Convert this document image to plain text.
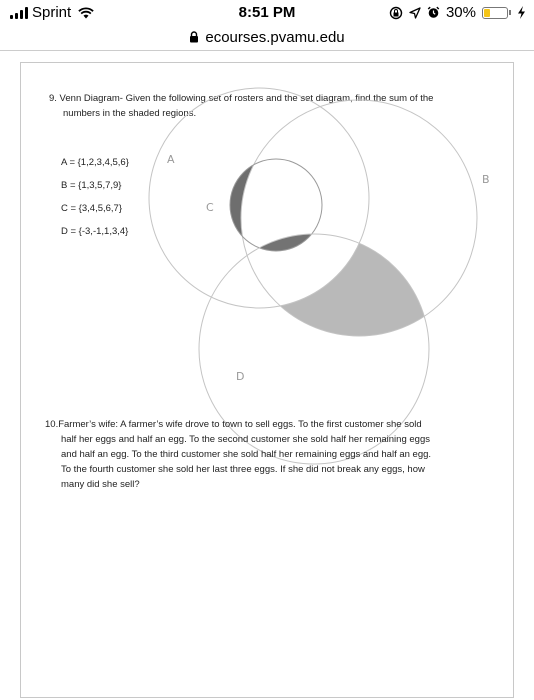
Sprint	8:51 PM	30%
ecourses.pvamu.edu
9. Venn Diagram- Given the following set of rosters and the set diagram, find the sum of the
numbers in the shaded regions.
A = {1,2,3,4,5,6}
B = {1,3,5,7,9}
C = {3,4,5,6,7}
D = {-3,-1,1,3,4}
A
B
C
D
10.Farmer’s wife: A farmer’s wife drove to town to sell eggs. To the first customer she sold
half her eggs and half an egg. To the second customer she sold half her remaining eggs
and half an egg. To the third customer she sold half her remaining eggs and half an egg.
To the fourth customer she sold her last three eggs. If she did not break any eggs, how
many did she sell?
